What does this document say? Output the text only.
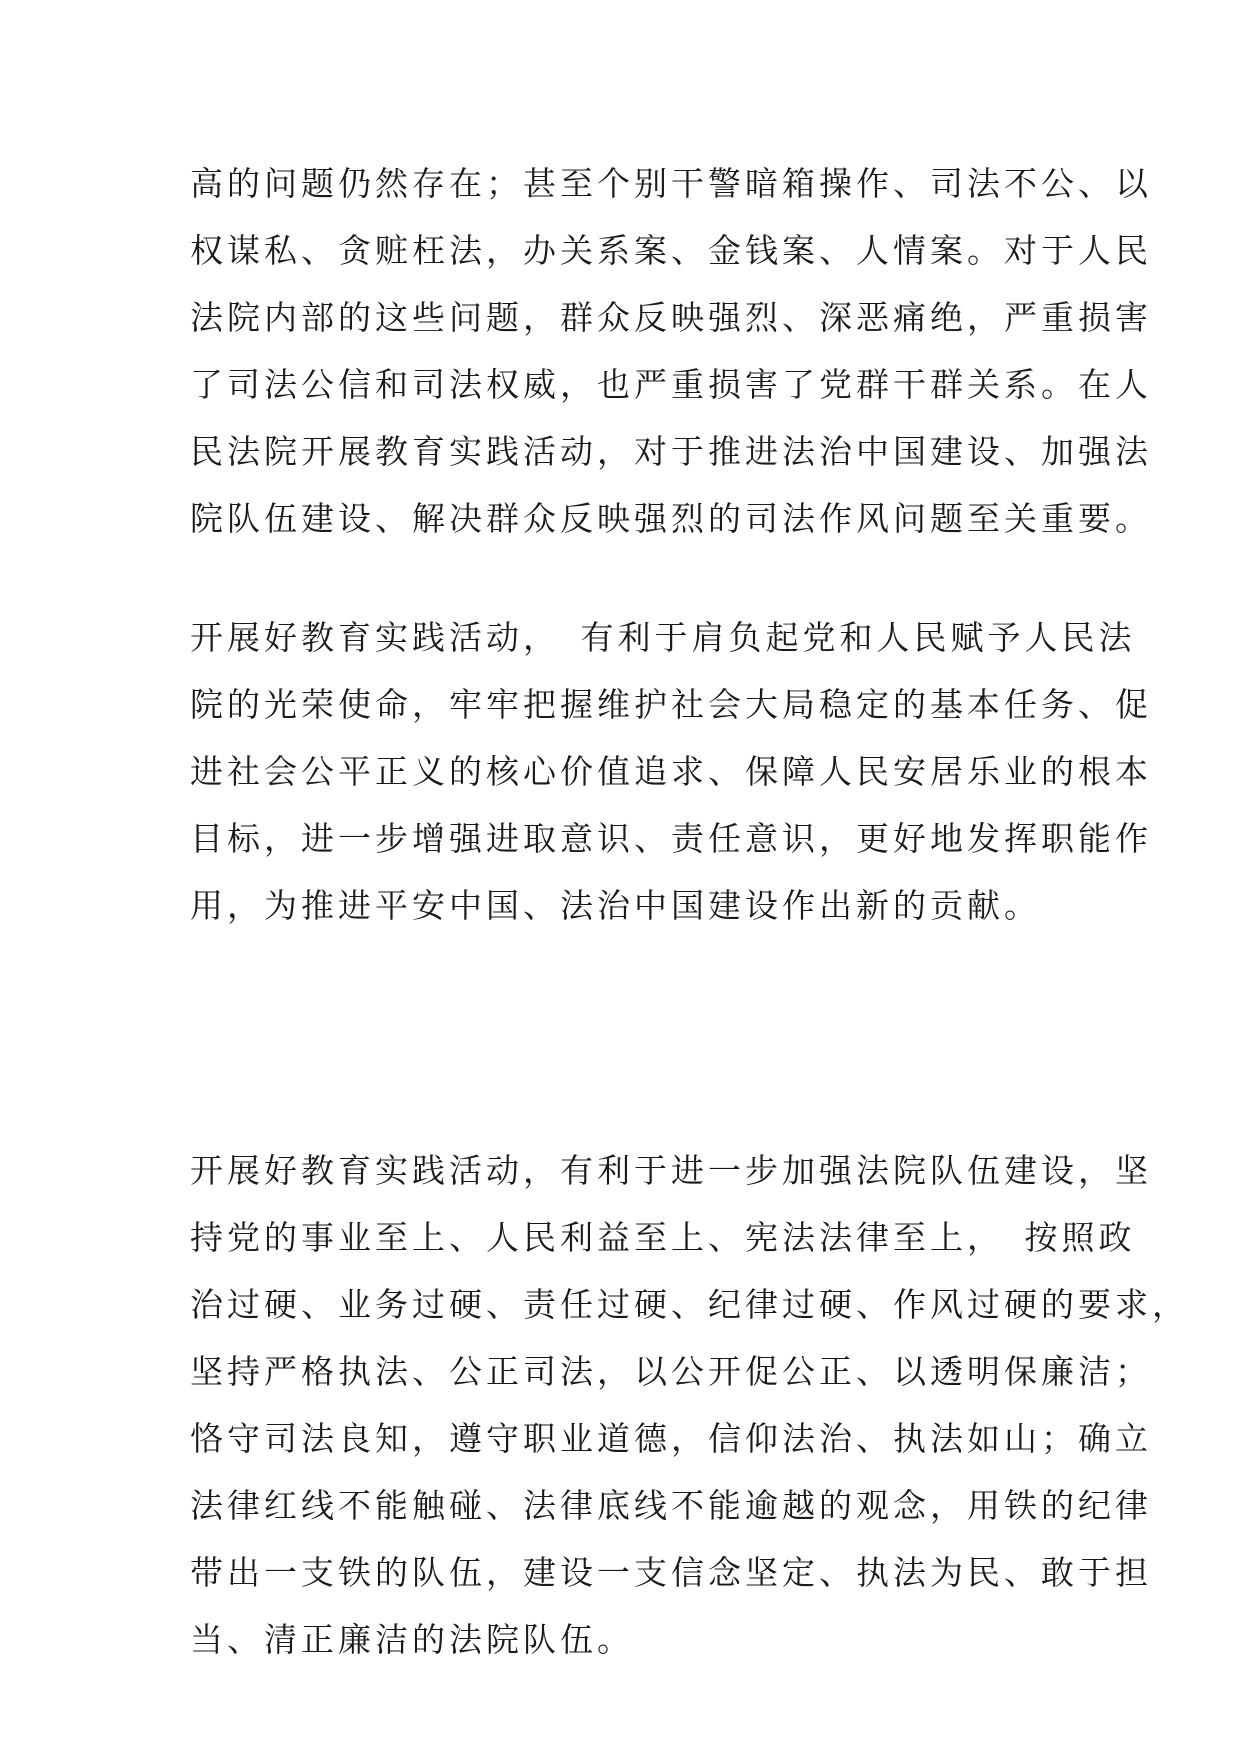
高的问题仍然存在；甚至个别干警暗箱操作、司法不公、以
权谋私、贪赃枉法，办关系案、金钱案、人情案。对于人民
法院内部的这些问题，群众反映强烈、深恶痛绝，严重损害
了司法公信和司法权威，也严重损害了党群干群关系。在人
民法院开展教育实践活动，对于推进法治中国建设、加强法
院队伍建设、解决群众反映强烈的司法作风问题至关重要。

开展好教育实践活动，　有利于肩负起党和人民赋予人民法
院的光荣使命，牢牢把握维护社会大局稳定的基本任务、促
进社会公平正义的核心价值追求、保障人民安居乐业的根本
目标，进一步增强进取意识、责任意识，更好地发挥职能作
用，为推进平安中国、法治中国建设作出新的贡献。

开展好教育实践活动，有利于进一步加强法院队伍建设，坚
持党的事业至上、人民利益至上、宪法法律至上，　按照政
治过硬、业务过硬、责任过硬、纪律过硬、作风过硬的要求，
坚持严格执法、公正司法，以公开促公正、以透明保廉洁；
恪守司法良知，遵守职业道德，信仰法治、执法如山；确立
法律红线不能触碰、法律底线不能逾越的观念，用铁的纪律
带出一支铁的队伍，建设一支信念坚定、执法为民、敢于担
当、清正廉洁的法院队伍。
